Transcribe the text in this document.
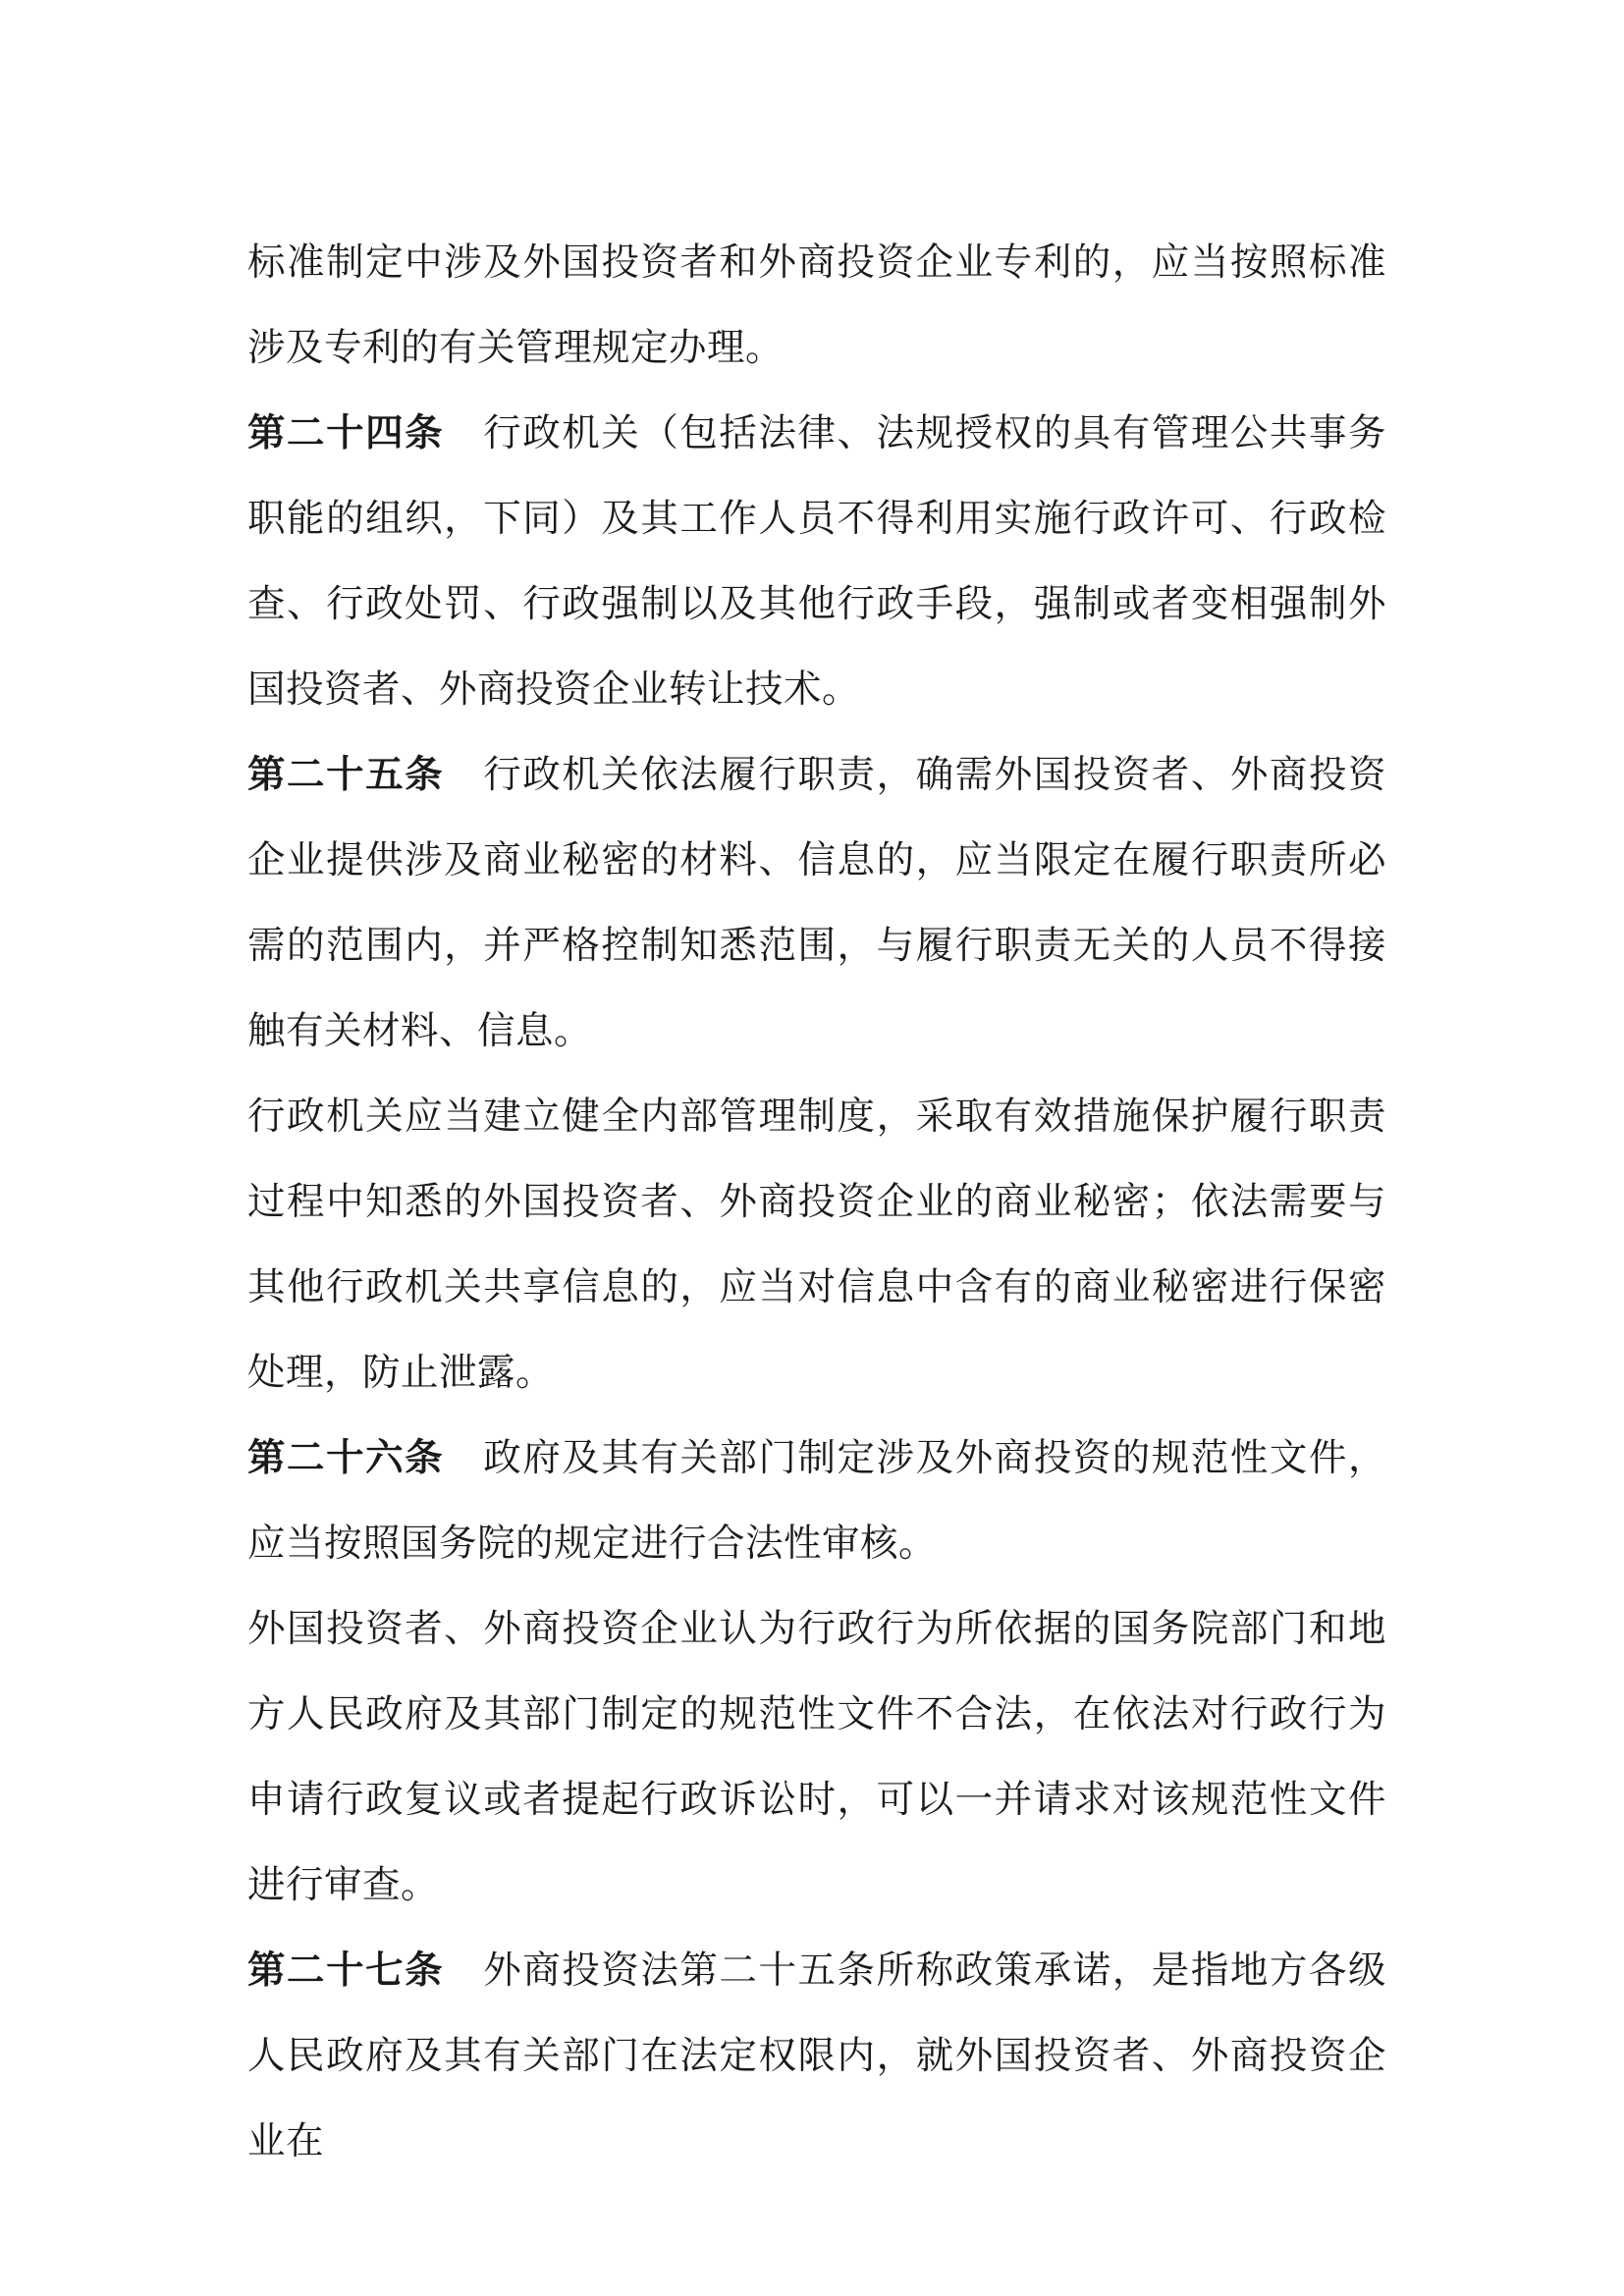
标准制定中涉及外国投资者和外商投资企业专利的，应当按照标准涉及专利的有关管理规定办理。

第二十四条 行政机关（包括法律、法规授权的具有管理公共事务职能的组织，下同）及其工作人员不得利用实施行政许可、行政检查、行政处罚、行政强制以及其他行政手段，强制或者变相强制外国投资者、外商投资企业转让技术。

第二十五条 行政机关依法履行职责，确需外国投资者、外商投资企业提供涉及商业秘密的材料、信息的，应当限定在履行职责所必需的范围内，并严格控制知悉范围，与履行职责无关的人员不得接触有关材料、信息。

行政机关应当建立健全内部管理制度，采取有效措施保护履行职责过程中知悉的外国投资者、外商投资企业的商业秘密；依法需要与其他行政机关共享信息的，应当对信息中含有的商业秘密进行保密处理，防止泄露。

第二十六条 政府及其有关部门制定涉及外商投资的规范性文件，应当按照国务院的规定进行合法性审核。

外国投资者、外商投资企业认为行政行为所依据的国务院部门和地方人民政府及其部门制定的规范性文件不合法，在依法对行政行为申请行政复议或者提起行政诉讼时，可以一并请求对该规范性文件进行审查。

第二十七条 外商投资法第二十五条所称政策承诺，是指地方各级人民政府及其有关部门在法定权限内，就外国投资者、外商投资企业在
